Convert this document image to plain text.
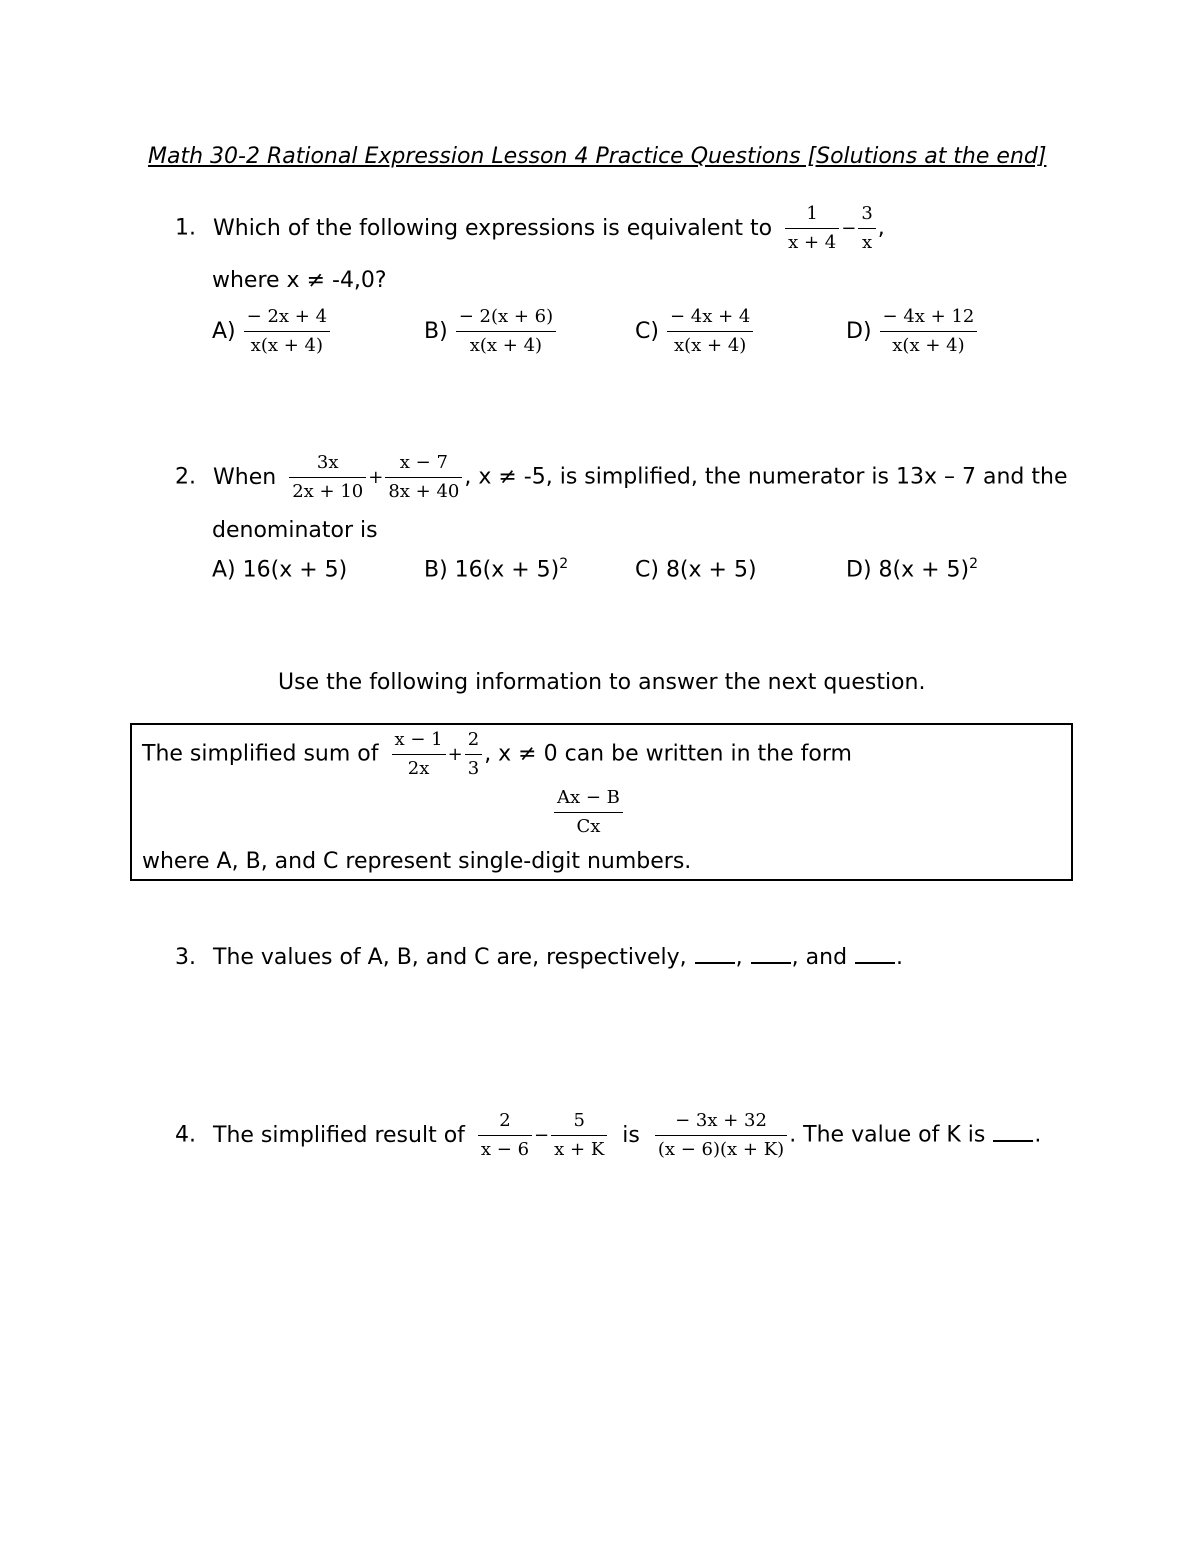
Math 30-2 Rational Expression Lesson 4 Practice Questions [Solutions at the end]
1. Which of the following expressions is equivalent to $\frac{1}{x + 4} - \frac{3}{x}$ ,
where x ≠ -4,0?
$A) \frac{- 2x + 4}{x(x + 4)}$	$B) \frac{- 2(x + 6)}{x(x + 4)}$	$C) \frac{- 4x + 4}{x(x + 4)}$	$D) \frac{- 4x + 12}{x(x + 4)}$
2. When $\frac{3x}{2x + 10} + \frac{x - 7}{8x + 40}$ , x ≠ -5, is simplified, the numerator is 13x – 7 and the
denominator is
A) 16(x + 5)	B) $16(x + 5)^2$	C) 8(x + 5)	D) $8(x + 5)^2$
Use the following information to answer the next question.
The simplified sum of $\frac{x - 1}{2x} + \frac{2}{3}$ , x ≠ 0 can be written in the form
$\frac{Ax - B}{Cx}$
where A, B, and C represent single-digit numbers.
3. The values of A, B, and C are, respectively, , , and .
4. The simplified result of $\frac{2}{x - 6} - \frac{5}{x + K}$ is $\frac{- 3x + 32}{(x - 6)(x + K)}$ . The value of K is .
